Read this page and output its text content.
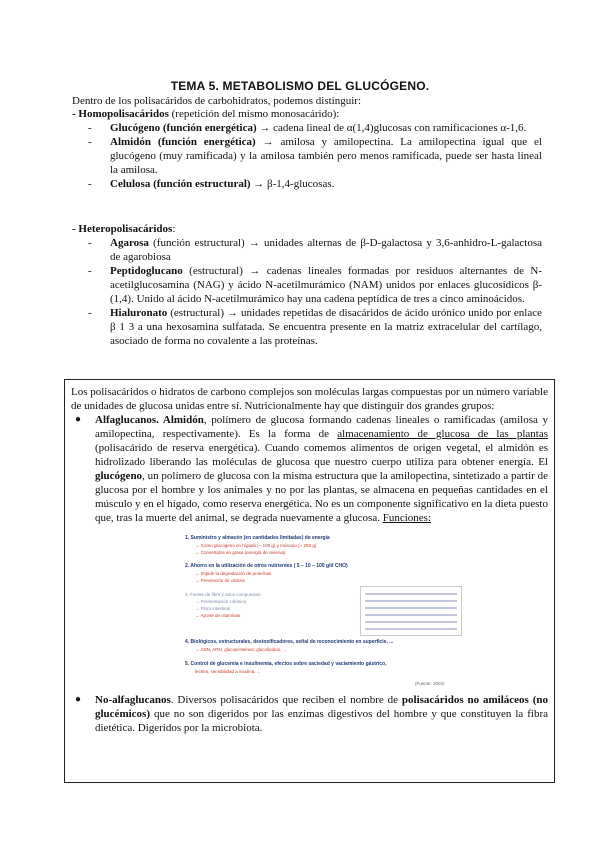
TEMA 5. METABOLISMO DEL GLUCÓGENO.
Dentro de los polisacáridos de carbohidratos, podemos distinguir:

- Homopolisacáridos (repetición del mismo monosacárido):

- Glucógeno (función energética) → cadena lineal de α(1,4)glucosas con ramificaciones α-1,6.
- Almidón (función energética) → amilosa y amilopectina. La amilopectina igual que el glucógeno (muy ramificada) y la amilosa también pero menos ramificada, puede ser hasta lineal la amilosa.
- Celulosa (función estructural) → β-1,4-glucosas.

- Heteropolisacáridos:

- Agarosa (función estructural) → unidades alternas de β-D-galactosa y 3,6-anhidro-L-galactosa de agarobiosa
- Peptidoglucano (estructural) → cadenas lineales formadas por residuos alternantes de N-acetilglucosamina (NAG) y ácido N-acetilmurámico (NAM) unidos por enlaces glucosídicos β-(1,4). Unido al ácido N-acetilmurámico hay una cadena peptídica de tres a cinco aminoácidos.
- Hialuronato (estructural) → unidades repetidas de disacáridos de ácido urónico unido por enlace β 1 3 a una hexosamina sulfatada. Se encuentra presente en la matriz extracelular del cartílago, asociado de forma no covalente a las proteínas.
Los polisacáridos o hidratos de carbono complejos son moléculas largas compuestas por un número variable de unidades de glucosa unidas entre sí. Nutricionalmente hay que distinguir dos grandes grupos:
● Alfaglucanos. Almidón, polímero de glucosa formando cadenas lineales o ramificadas (amilosa y amilopectina, respectivamente). Es la forma de almacenamiento de glucosa de las plantas (polisacárido de reserva energética). Cuando comemos alimentos de origen vegetal, el almidón es hidrolizado liberando las moléculas de glucosa que nuestro cuerpo utiliza para obtener energía. El glucógeno, un polímero de glucosa con la misma estructura que la amilopectina, sintetizado a partir de glucosa por el hombre y los animales y no por las plantas, se almacena en pequeñas cantidades en el músculo y en el hígado, como reserva energética. No es un componente significativo en la dieta puesto que, tras la muerte del animal, se degrada nuevamente a glucosa. Funciones:
1. Suministro y almacén (en cantidades limitadas) de energía
→ Como glucógeno en hígado (~ 100 g) y músculo (~ 250 g)
→ Convertidos en grasa (energía de reserva)
2. Ahorro en la utilización de otros nutrientes ( 5 – 10 – 100 g/d CHO)
→ Impide la degradación de proteínas
→ Prevención de cetosis
3. Fuente de fibra y otros compuestos
→ Fermentación colónica
→ Flora intestinal
→ Aporte de vitaminas
4. Biológicos, estructurales, destoxificadores, señal de reconocimiento en superficie, ...
→ ADN, ARN, glucoproteínas, glucolípidos, ...
5. Control de glucemia e insulinemia, efectos sobre saciedad y vaciamiento gástrico,
lectina, sensibilidad a insulina, ...
(Fuente: 2002)
● No-alfaglucanos. Diversos polisacáridos que reciben el nombre de polisacáridos no amiláceos (no glucémicos) que no son digeridos por las enzimas digestivos del hombre y que constituyen la fibra dietética. Digeridos por la microbiota.
